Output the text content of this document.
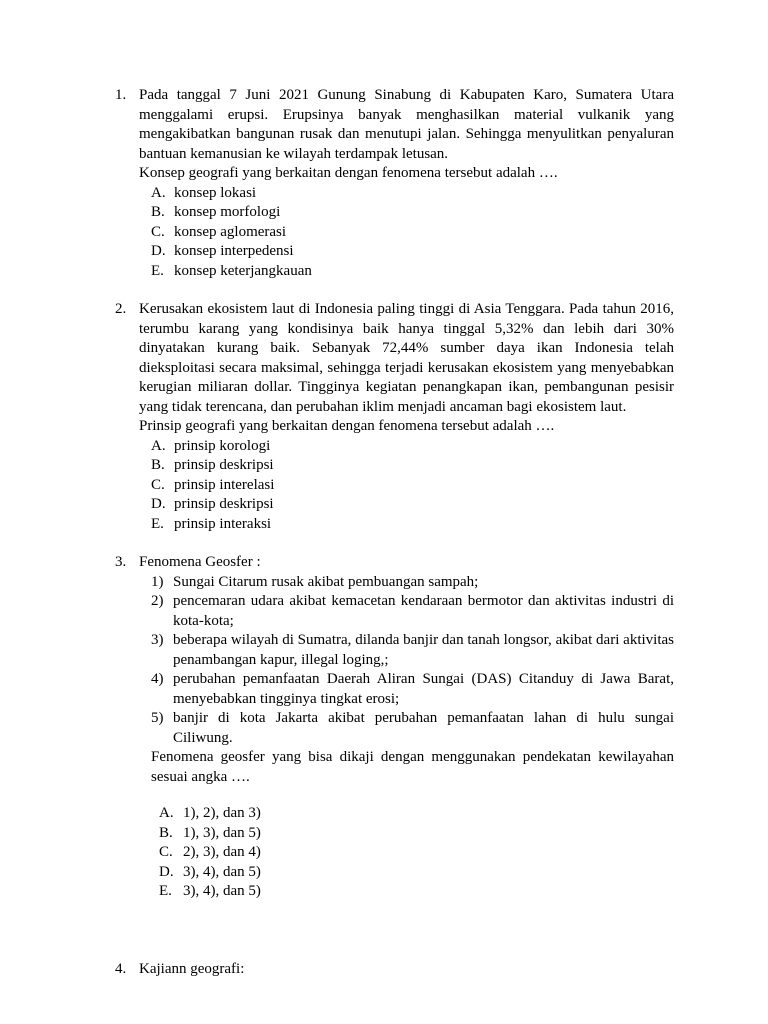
1. Pada tanggal 7 Juni 2021 Gunung Sinabung di Kabupaten Karo, Sumatera Utara menggalami erupsi. Erupsinya banyak menghasilkan material vulkanik yang mengakibatkan bangunan rusak dan menutupi jalan. Sehingga menyulitkan penyaluran bantuan kemanusian ke wilayah terdampak letusan.
Konsep geografi yang berkaitan dengan fenomena tersebut adalah ….
A. konsep lokasi
B. konsep morfologi
C. konsep aglomerasi
D. konsep interpedensi
E. konsep keterjangkauan
2. Kerusakan ekosistem laut di Indonesia paling tinggi di Asia Tenggara. Pada tahun 2016, terumbu karang yang kondisinya baik hanya tinggal 5,32% dan lebih dari 30% dinyatakan kurang baik. Sebanyak 72,44% sumber daya ikan Indonesia telah dieksploitasi secara maksimal, sehingga terjadi kerusakan ekosistem yang menyebabkan kerugian miliaran dollar. Tingginya kegiatan penangkapan ikan, pembangunan pesisir yang tidak terencana, dan perubahan iklim menjadi ancaman bagi ekosistem laut.
Prinsip geografi yang berkaitan dengan fenomena tersebut adalah ….
A. prinsip korologi
B. prinsip deskripsi
C. prinsip interelasi
D. prinsip deskripsi
E. prinsip interaksi
3. Fenomena Geosfer :
1) Sungai Citarum rusak akibat pembuangan sampah;
2) pencemaran udara akibat kemacetan kendaraan bermotor dan aktivitas industri di kota-kota;
3) beberapa wilayah di Sumatra, dilanda banjir dan tanah longsor, akibat dari aktivitas penambangan kapur, illegal loging,;
4) perubahan pemanfaatan Daerah Aliran Sungai (DAS) Citanduy di Jawa Barat, menyebabkan tingginya tingkat erosi;
5) banjir di kota Jakarta akibat perubahan pemanfaatan lahan di hulu sungai Ciliwung.
Fenomena geosfer yang bisa dikaji dengan menggunakan pendekatan kewilayahan sesuai angka ….
A. 1), 2), dan 3)
B. 1), 3), dan 5)
C. 2), 3), dan 4)
D. 3), 4), dan 5)
E. 3), 4), dan 5)
4. Kajiann geografi:
